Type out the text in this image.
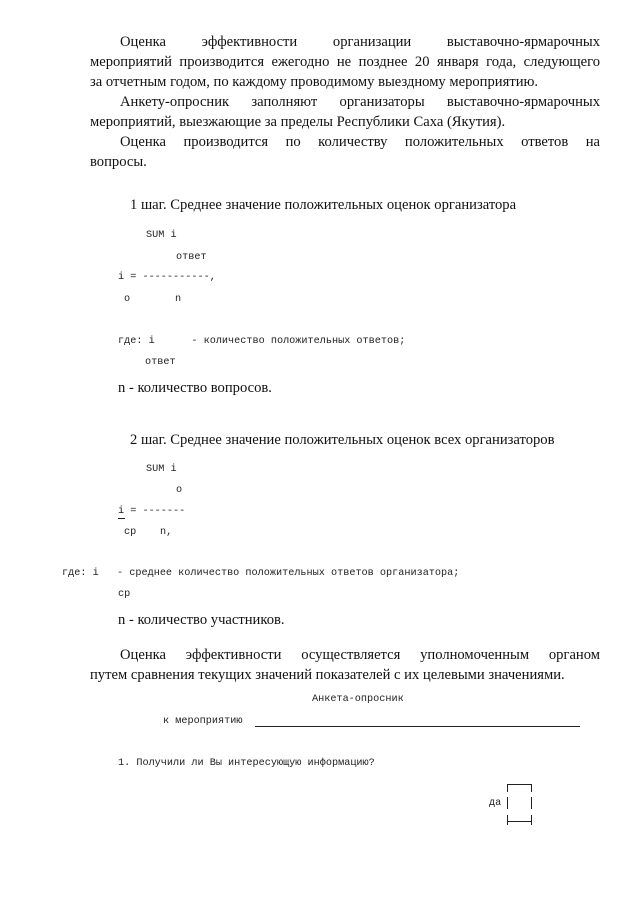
Оценка эффективности организации выставочно-ярмарочных
мероприятий производится ежегодно не позднее 20 января года, следующего
за отчетным годом, по каждому проводимому выездному мероприятию.
Анкету-опросник заполняют организаторы выставочно-ярмарочных
мероприятий, выезжающие за пределы Республики Саха (Якутия).
Оценка производится по количеству положительных ответов на
вопросы.
1 шаг. Среднее значение положительных оценок организатора
SUM i
ответ
i = -----------,
o	n
где: i      - количество положительных ответов;
ответ
n - количество вопросов.
2 шаг. Среднее значение положительных оценок всех организаторов
SUM i
o
i = -------
cp n,
где: i   - среднее количество положительных ответов организатора;
cp
n - количество участников.
Оценка эффективности осуществляется уполномоченным органом
путем сравнения текущих значений показателей с их целевыми значениями.
Анкета-опросник
к мероприятию
1. Получили ли Вы интересующую информацию?
да
